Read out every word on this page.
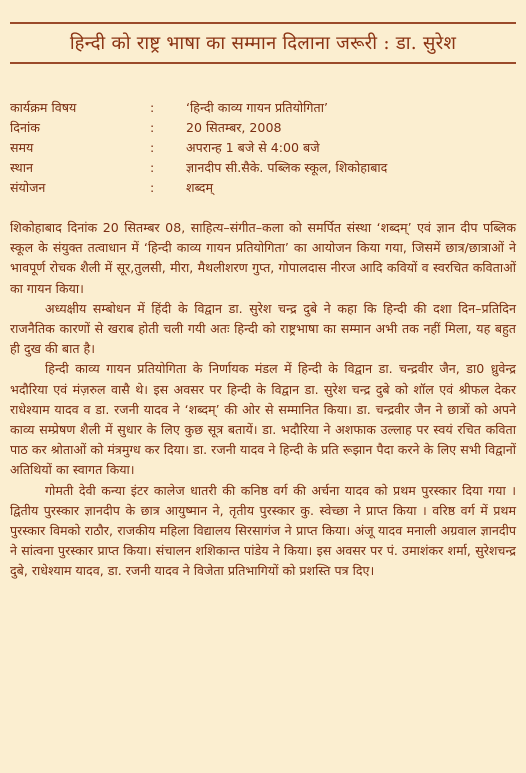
हिन्दी को राष्ट्र भाषा का सम्मान दिलाना जरूरी : डा. सुरेश
कार्यक्रम विषय	:	‘हिन्दी काव्य गायन प्रतियोगिता’
दिनांक	:	20 सितम्बर, 2008
समय	:	अपरान्ह 1 बजे से 4:00 बजे
स्थान	:	ज्ञानदीप सी.सैके. पब्लिक स्कूल, शिकोहाबाद
संयोजन	:	शब्दम्

शिकोहाबाद दिनांक 20 सितम्बर 08, साहित्य–संगीत–कला को समर्पित संस्था ‘शब्दम्’ एवं ज्ञान दीप पब्लिक स्कूल के संयुक्त तत्वाधान में ‘हिन्दी काव्य गायन प्रतियोगिता’ का आयोजन किया गया, जिसमें छात्र/छात्राओं ने भावपूर्ण रोचक शैली में सूर,तुलसी, मीरा, मैथलीशरण गुप्त, गोपालदास नीरज आदि कवियों व स्वरचित कविताओं का गायन किया।

अध्यक्षीय सम्बोधन में हिंदी के विद्वान डा. सुरेश चन्द्र दुबे ने कहा कि हिन्दी की दशा दिन–प्रतिदिन राजनैतिक कारणों से खराब होती चली गयी अतः हिन्दी को राष्ट्रभाषा का सम्मान अभी तक नहीं मिला, यह बहुत ही दुख की बात है।

हिन्दी काव्य गायन प्रतियोगिता के निर्णायक मंडल में हिन्दी के विद्वान डा. चन्द्रवीर जैन, डा0 ध्रुवेन्द्र भदौरिया एवं मंज़रुल वासै थे। इस अवसर पर हिन्दी के विद्वान डा. सुरेश चन्द्र दुबे को शॉल एवं श्रीफल देकर राधेश्याम यादव व डा. रजनी यादव ने ‘शब्दम्’ की ओर से सम्मानित किया। डा. चन्द्रवीर जैन ने छात्रों को अपने काव्य सम्प्रेषण शैली में सुधार के लिए कुछ सूत्र बतायें। डा. भदौरिया ने अशफाक उल्लाह पर स्वयं रचित कविता पाठ कर श्रोताओं को मंत्रमुग्ध कर दिया। डा. रजनी यादव ने हिन्दी के प्रति रूझान पैदा करने के लिए सभी विद्वानों अतिथियों का स्वागत किया।

गोमती देवी कन्या इंटर कालेज धातरी की कनिष्ठ वर्ग की अर्चना यादव को प्रथम पुरस्कार दिया गया । द्वितीय पुरस्कार ज्ञानदीप के छात्र आयुष्मान ने, तृतीय पुरस्कार कु. स्वेच्छा ने प्राप्त किया । वरिष्ठ वर्ग में प्रथम पुरस्कार विमको राठौर, राजकीय महिला विद्यालय सिरसागंज ने प्राप्त किया। अंजू यादव मनाली अग्रवाल ज्ञानदीप ने सांत्वना पुरस्कार प्राप्त किया। संचालन शशिकान्त पांडेय ने किया। इस अवसर पर पं. उमाशंकर शर्मा, सुरेशचन्द्र दुबे, राधेश्याम यादव, डा. रजनी यादव ने विजेता प्रतिभागियों को प्रशस्ति पत्र दिए।
